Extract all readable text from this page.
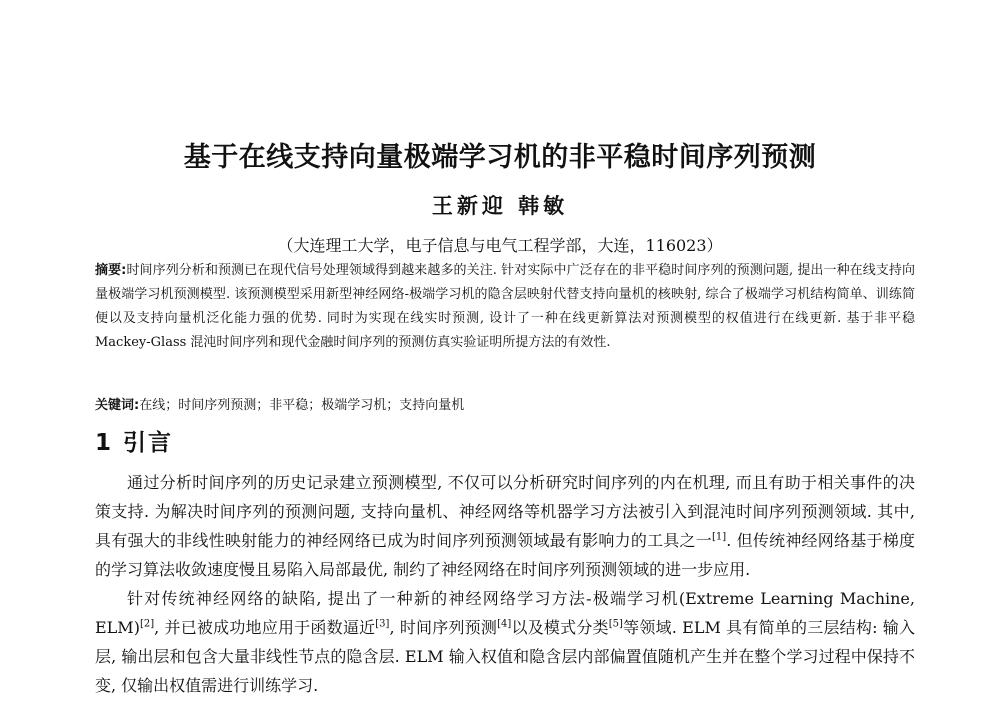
基于在线支持向量极端学习机的非平稳时间序列预测
王新迎 韩敏
（大连理工大学，电子信息与电气工程学部，大连，116023）
摘要:时间序列分析和预测已在现代信号处理领域得到越来越多的关注. 针对实际中广泛存在的非平稳时间序列的预测问题, 提出一种在线支持向量极端学习机预测模型. 该预测模型采用新型神经网络-极端学习机的隐含层映射代替支持向量机的核映射, 综合了极端学习机结构简单、训练简便以及支持向量机泛化能力强的优势. 同时为实现在线实时预测, 设计了一种在线更新算法对预测模型的权值进行在线更新. 基于非平稳 Mackey-Glass 混沌时间序列和现代金融时间序列的预测仿真实验证明所提方法的有效性.
关键词:在线；时间序列预测；非平稳；极端学习机；支持向量机
1 引言

通过分析时间序列的历史记录建立预测模型, 不仅可以分析研究时间序列的内在机理, 而且有助于相关事件的决策支持. 为解决时间序列的预测问题, 支持向量机、神经网络等机器学习方法被引入到混沌时间序列预测领域. 其中, 具有强大的非线性映射能力的神经网络已成为时间序列预测领域最有影响力的工具之一[1]. 但传统神经网络基于梯度的学习算法收敛速度慢且易陷入局部最优, 制约了神经网络在时间序列预测领域的进一步应用.

针对传统神经网络的缺陷, 提出了一种新的神经网络学习方法-极端学习机(Extreme Learning Machine, ELM)[2], 并已被成功地应用于函数逼近[3], 时间序列预测[4]以及模式分类[5]等领域. ELM 具有简单的三层结构: 输入层, 输出层和包含大量非线性节点的隐含层. ELM 输入权值和隐含层内部偏置值随机产生并在整个学习过程中保持不变, 仅输出权值需进行训练学习.
